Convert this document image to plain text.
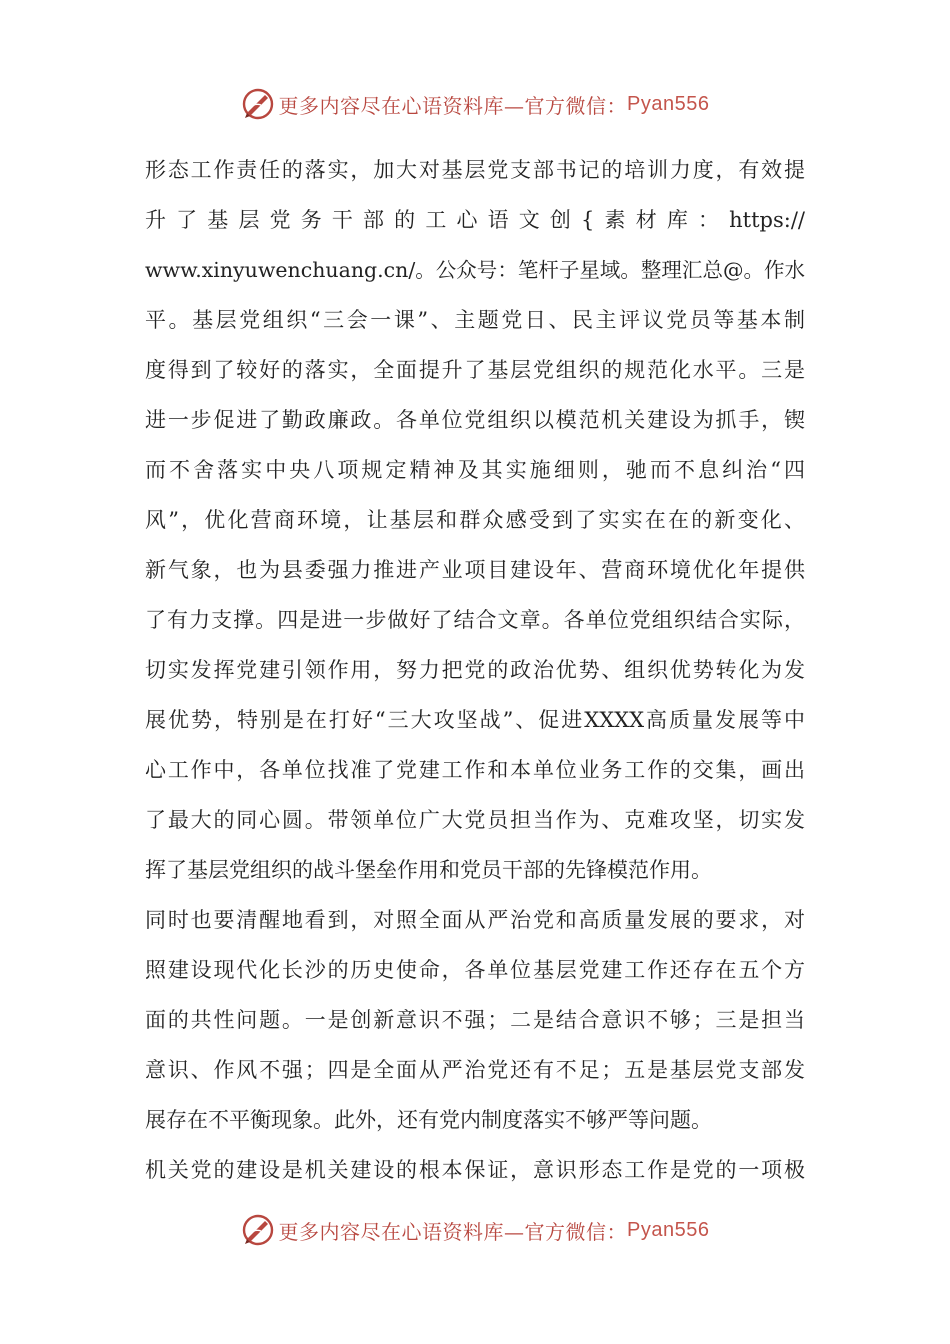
更多内容尽在心语资料库—官方微信： Pyan556
形态工作责任的落实，加大对基层党支部书记的培训力度，有效提
升了基层党务干部的工心语文创{素材库：https://
www.xinyuwenchuang.cn/。公众号：笔杆子星域。整理汇总@。作水
平。基层党组织“三会一课”、主题党日、民主评议党员等基本制
度得到了较好的落实，全面提升了基层党组织的规范化水平。三是
进一步促进了勤政廉政。各单位党组织以模范机关建设为抓手，锲
而不舍落实中央八项规定精神及其实施细则，驰而不息纠治“四
风”，优化营商环境，让基层和群众感受到了实实在在的新变化、
新气象，也为县委强力推进产业项目建设年、营商环境优化年提供
了有力支撑。四是进一步做好了结合文章。各单位党组织结合实际，
切实发挥党建引领作用，努力把党的政治优势、组织优势转化为发
展优势，特别是在打好“三大攻坚战”、促进XXXX高质量发展等中
心工作中，各单位找准了党建工作和本单位业务工作的交集，画出
了最大的同心圆。带领单位广大党员担当作为、克难攻坚，切实发
挥了基层党组织的战斗堡垒作用和党员干部的先锋模范作用。
同时也要清醒地看到，对照全面从严治党和高质量发展的要求，对
照建设现代化长沙的历史使命，各单位基层党建工作还存在五个方
面的共性问题。一是创新意识不强；二是结合意识不够；三是担当
意识、作风不强；四是全面从严治党还有不足；五是基层党支部发
展存在不平衡现象。此外，还有党内制度落实不够严等问题。
机关党的建设是机关建设的根本保证，意识形态工作是党的一项极
更多内容尽在心语资料库—官方微信： Pyan556
